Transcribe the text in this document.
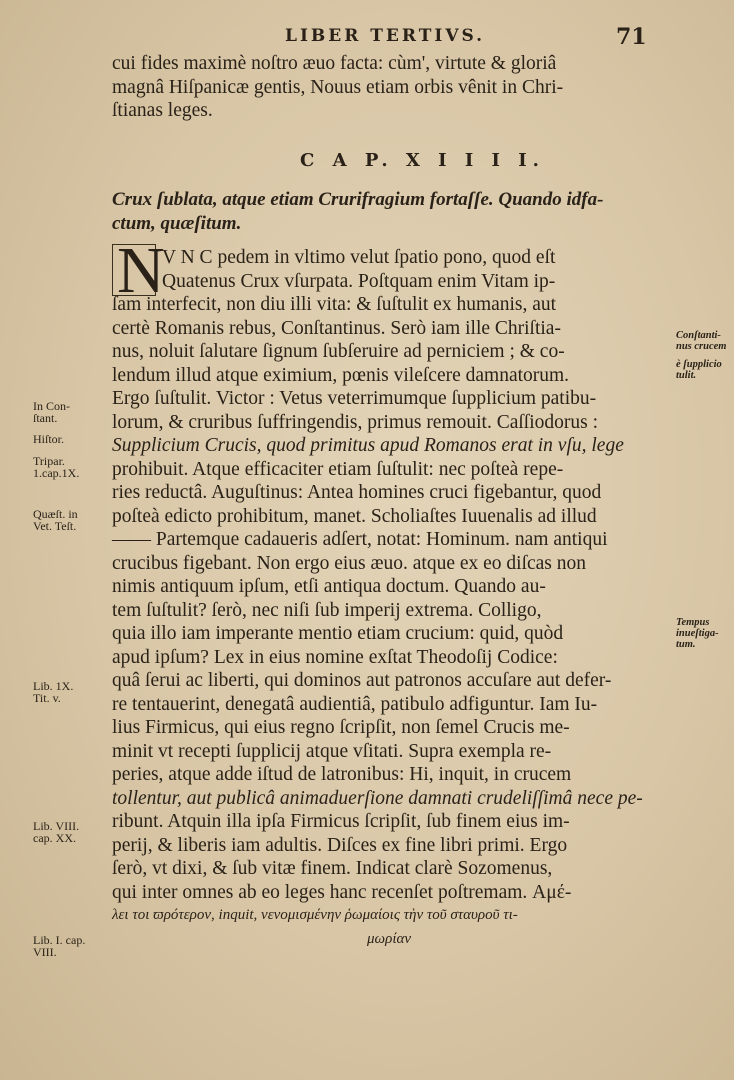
LIBER TERTIVS.	71
cui fides maximè noſtro æuo facta: cùm', virtute & gloriâ
magnâ Hiſpanicæ gentis, Nouus etiam orbis vênit in Chri-
ſtianas leges.
C A P. X I I I I.
Crux ſublata, atque etiam Crurifragium fortaſſe. Quando idfa-
ctum, quæſitum.
N
V N C pedem in vltimo velut ſpatio pono, quod eſt
Quatenus Crux vſurpata. Poſtquam enim Vitam ip-
ſam interfecit, non diu illi vita: & ſuſtulit ex humanis, aut
certè Romanis rebus, Conſtantinus. Serò iam ille Chriſtia-
nus, noluit ſalutare ſignum ſubſeruire ad perniciem ; & co-
lendum illud atque eximium, pœnis vileſcere damnatorum.
Ergo ſuſtulit. Victor : Vetus veterrimumque ſupplicium patibu-
lorum, & cruribus ſuffringendis, primus remouit. Caſſiodorus :
Supplicium Crucis, quod primitus apud Romanos erat in vſu, lege
prohibuit. Atque efficaciter etiam ſuſtulit: nec poſteà repe-
ries reductâ. Auguſtinus: Antea homines cruci figebantur, quod
poſteà edicto prohibitum, manet. Scholiaſtes Iuuenalis ad illud
—— Partemque cadaueris adſert, notat: Hominum. nam antiqui
crucibus figebant. Non ergo eius æuo. atque ex eo diſcas non
nimis antiquum ipſum, etſi antiqua doctum. Quando au-
tem ſuſtulit? ſerò, nec niſi ſub imperij extrema. Colligo,
quia illo iam imperante mentio etiam crucium: quid, quòd
apud ipſum? Lex in eius nomine exſtat Theodoſij Codice:
quâ ſerui ac liberti, qui dominos aut patronos accuſare aut defer-
re tentauerint, denegatâ audientiâ, patibulo adfiguntur. Iam Iu-
lius Firmicus, qui eius regno ſcripſit, non ſemel Crucis me-
minit vt recepti ſupplicij atque vſitati. Supra exempla re-
peries, atque adde iſtud de latronibus: Hi, inquit, in crucem
tollentur, aut publicâ animaduerſione damnati crudeliſſimâ nece pe-
ribunt. Atquin illa ipſa Firmicus ſcripſit, ſub finem eius im-
perij, & liberis iam adultis. Diſces ex fine libri primi. Ergo
ſerò, vt dixi, & ſub vitæ finem. Indicat clarè Sozomenus,
qui inter omnes ab eo leges hanc recenſet poſtremam. Αμέ-
λει τοι ϖρότερον, inquit, νενομισμένην ῥωμαίοις τὴν τοῦ σταυροῦ τι-
μωρίαν
In Con-
ſtant.
Hiſtor.
Tripar.
1.cap.1X.
Quæſt. in
Vet. Teſt.
Lib. 1X.
Tit. v.
Lib. VIII.
cap. XX.
Lib. I. cap.
VIII.
Conſtanti-
nus crucem
è ſupplicio
tulit.
Tempus
inueſtiga-
tum.
